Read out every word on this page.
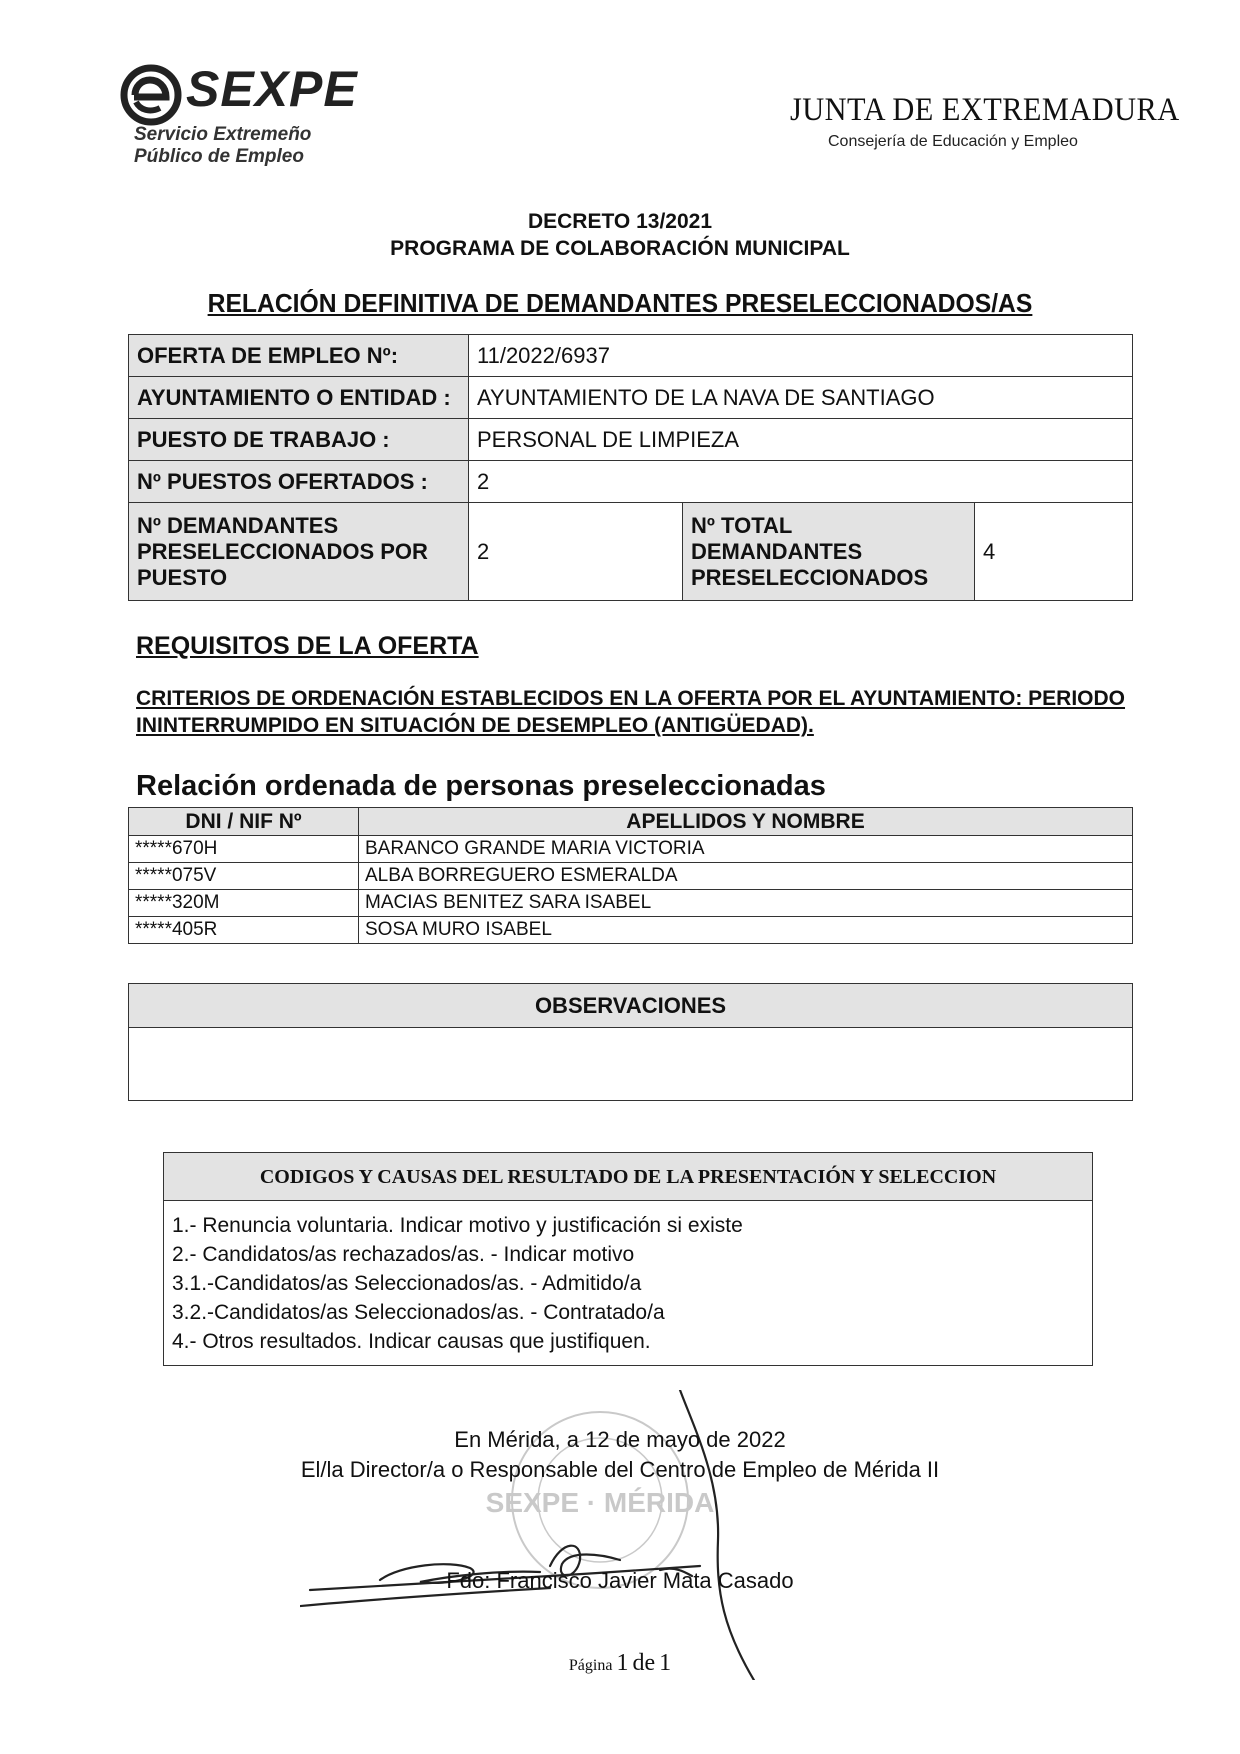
SEXPE
Servicio Extremeño
Público de Empleo
JUNTA DE EXTREMADURA
Consejería de Educación y Empleo
DECRETO 13/2021
PROGRAMA DE COLABORACIÓN MUNICIPAL
RELACIÓN DEFINITIVA DE DEMANDANTES PRESELECCIONADOS/AS
OFERTA DE EMPLEO Nº:	11/2022/6937		
AYUNTAMIENTO O ENTIDAD :	AYUNTAMIENTO DE LA NAVA DE SANTIAGO		
PUESTO DE TRABAJO :	PERSONAL DE LIMPIEZA		
Nº PUESTOS OFERTADOS :	2		
Nº DEMANDANTES PRESELECCIONADOS POR PUESTO	2	Nº TOTAL DEMANDANTES PRESELECCIONADOS	4
REQUISITOS DE LA OFERTA
CRITERIOS DE ORDENACIÓN ESTABLECIDOS EN LA OFERTA POR EL AYUNTAMIENTO: PERIODO ININTERRUMPIDO EN SITUACIÓN DE DESEMPLEO (ANTIGÜEDAD).
Relación ordenada de personas preseleccionadas
DNI / NIF Nº	APELLIDOS Y NOMBRE
*****670H	BARANCO GRANDE MARIA VICTORIA
*****075V	ALBA BORREGUERO ESMERALDA
*****320M	MACIAS BENITEZ SARA ISABEL
*****405R	SOSA MURO ISABEL
OBSERVACIONES
CODIGOS Y CAUSAS DEL RESULTADO DE LA PRESENTACIÓN Y SELECCION
1.- Renuncia voluntaria. Indicar motivo y justificación si existe
2.- Candidatos/as rechazados/as. - Indicar motivo
3.1.-Candidatos/as Seleccionados/as. - Admitido/a
3.2.-Candidatos/as Seleccionados/as. - Contratado/a
4.- Otros resultados. Indicar causas que justifiquen.
SEXPE · MÉRIDA
En Mérida, a 12 de mayo de 2022
El/la Director/a o Responsable del Centro de Empleo de Mérida II
Fdo: Francisco Javier Mata Casado
Página 1 de 1
